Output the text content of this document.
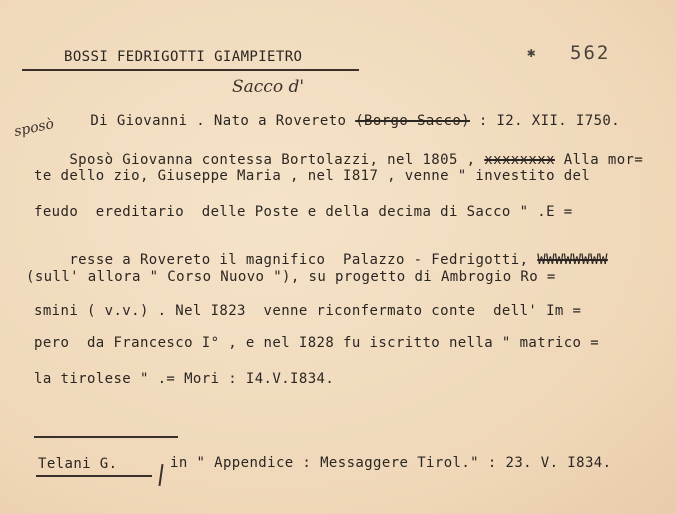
BOSSI FEDRIGOTTI GIAMPIETRO	✱ 562
Sacco d'
sposò	Di Giovanni . Nato a Rovereto (Borgo Sacco) : I2. XII. I750.

Sposò Giovanna contessa Bortolazzi, nel 1805 , xxxxxxxx Alla mor=

te dello zio, Giuseppe Maria , nel I817 , venne " investito del
feudo  ereditario  delle Poste e della decima di Sacco " .E =

resse a Rovereto il magnifico  Palazzo - Fedrigotti, WWWWWWWW

(sull' allora " Corso Nuovo "), su progetto di Ambrogio Ro =
smini ( v.v.) . Nel I823  venne riconfermato conte  dell' Im =
pero  da Francesco I° , e nel I828 fu iscritto nella " matrico =
la tirolese " .= Mori : I4.V.I834.
Telani G.	in " Appendice : Messaggere Tirol." : 23. V. I834.
